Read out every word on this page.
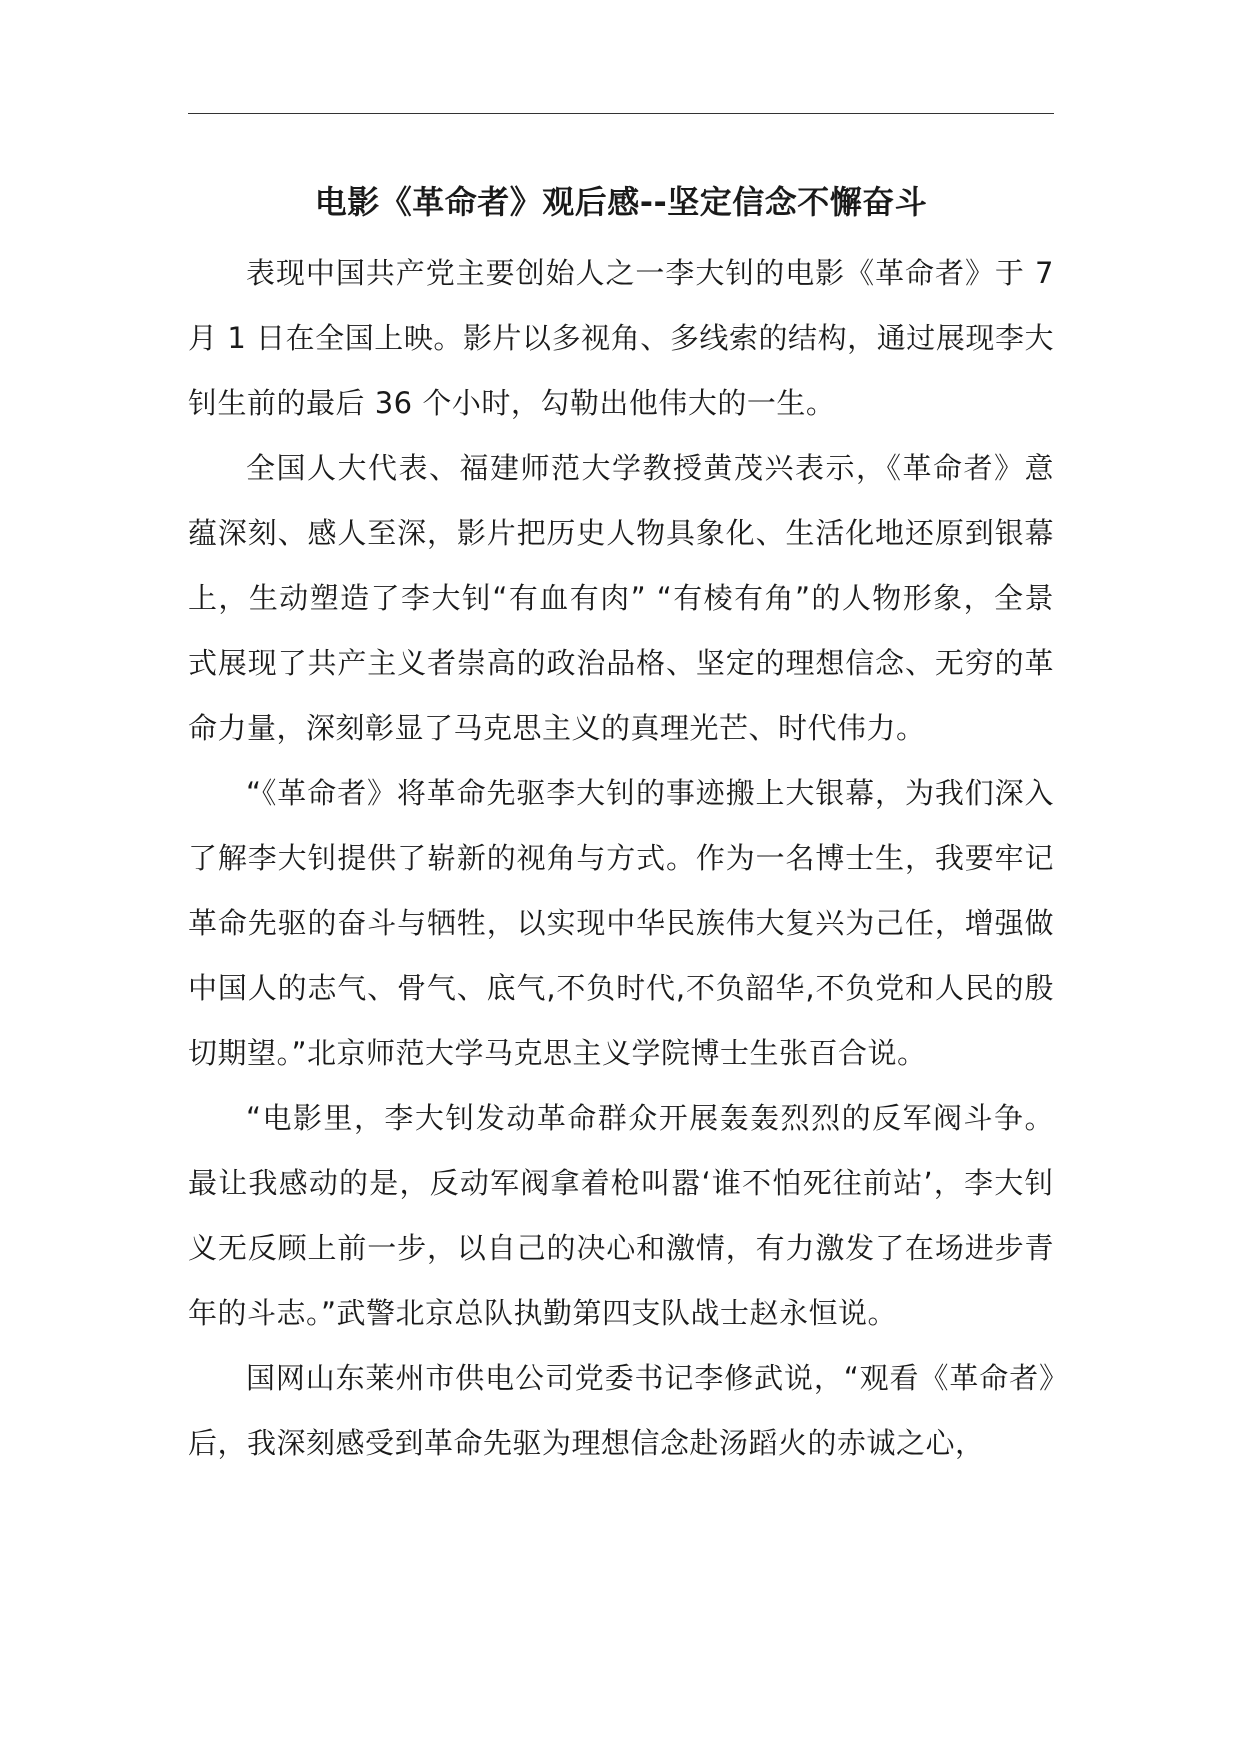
电影《革命者》观后感--坚定信念不懈奋斗

表现中国共产党主要创始人之一李大钊的电影《革命者》于 7 月 1 日在全国上映。影片以多视角、多线索的结构，通过展现李大钊生前的最后 36 个小时，勾勒出他伟大的一生。

全国人大代表、福建师范大学教授黄茂兴表示，《革命者》意蕴深刻、感人至深，影片把历史人物具象化、生活化地还原到银幕上，生动塑造了李大钊“有血有肉” “有棱有角”的人物形象，全景式展现了共产主义者崇高的政治品格、坚定的理想信念、无穷的革命力量，深刻彰显了马克思主义的真理光芒、时代伟力。

“《革命者》将革命先驱李大钊的事迹搬上大银幕，为我们深入了解李大钊提供了崭新的视角与方式。作为一名博士生，我要牢记革命先驱的奋斗与牺牲，以实现中华民族伟大复兴为己任，增强做中国人的志气、骨气、底气,不负时代,不负韶华,不负党和人民的殷切期望。”北京师范大学马克思主义学院博士生张百合说。

“电影里，李大钊发动革命群众开展轰轰烈烈的反军阀斗争。最让我感动的是，反动军阀拿着枪叫嚣‘谁不怕死往前站’，李大钊义无反顾上前一步，以自己的决心和激情，有力激发了在场进步青年的斗志。”武警北京总队执勤第四支队战士赵永恒说。

国网山东莱州市供电公司党委书记李修武说，“观看《革命者》后，我深刻感受到革命先驱为理想信念赴汤蹈火的赤诚之心，
